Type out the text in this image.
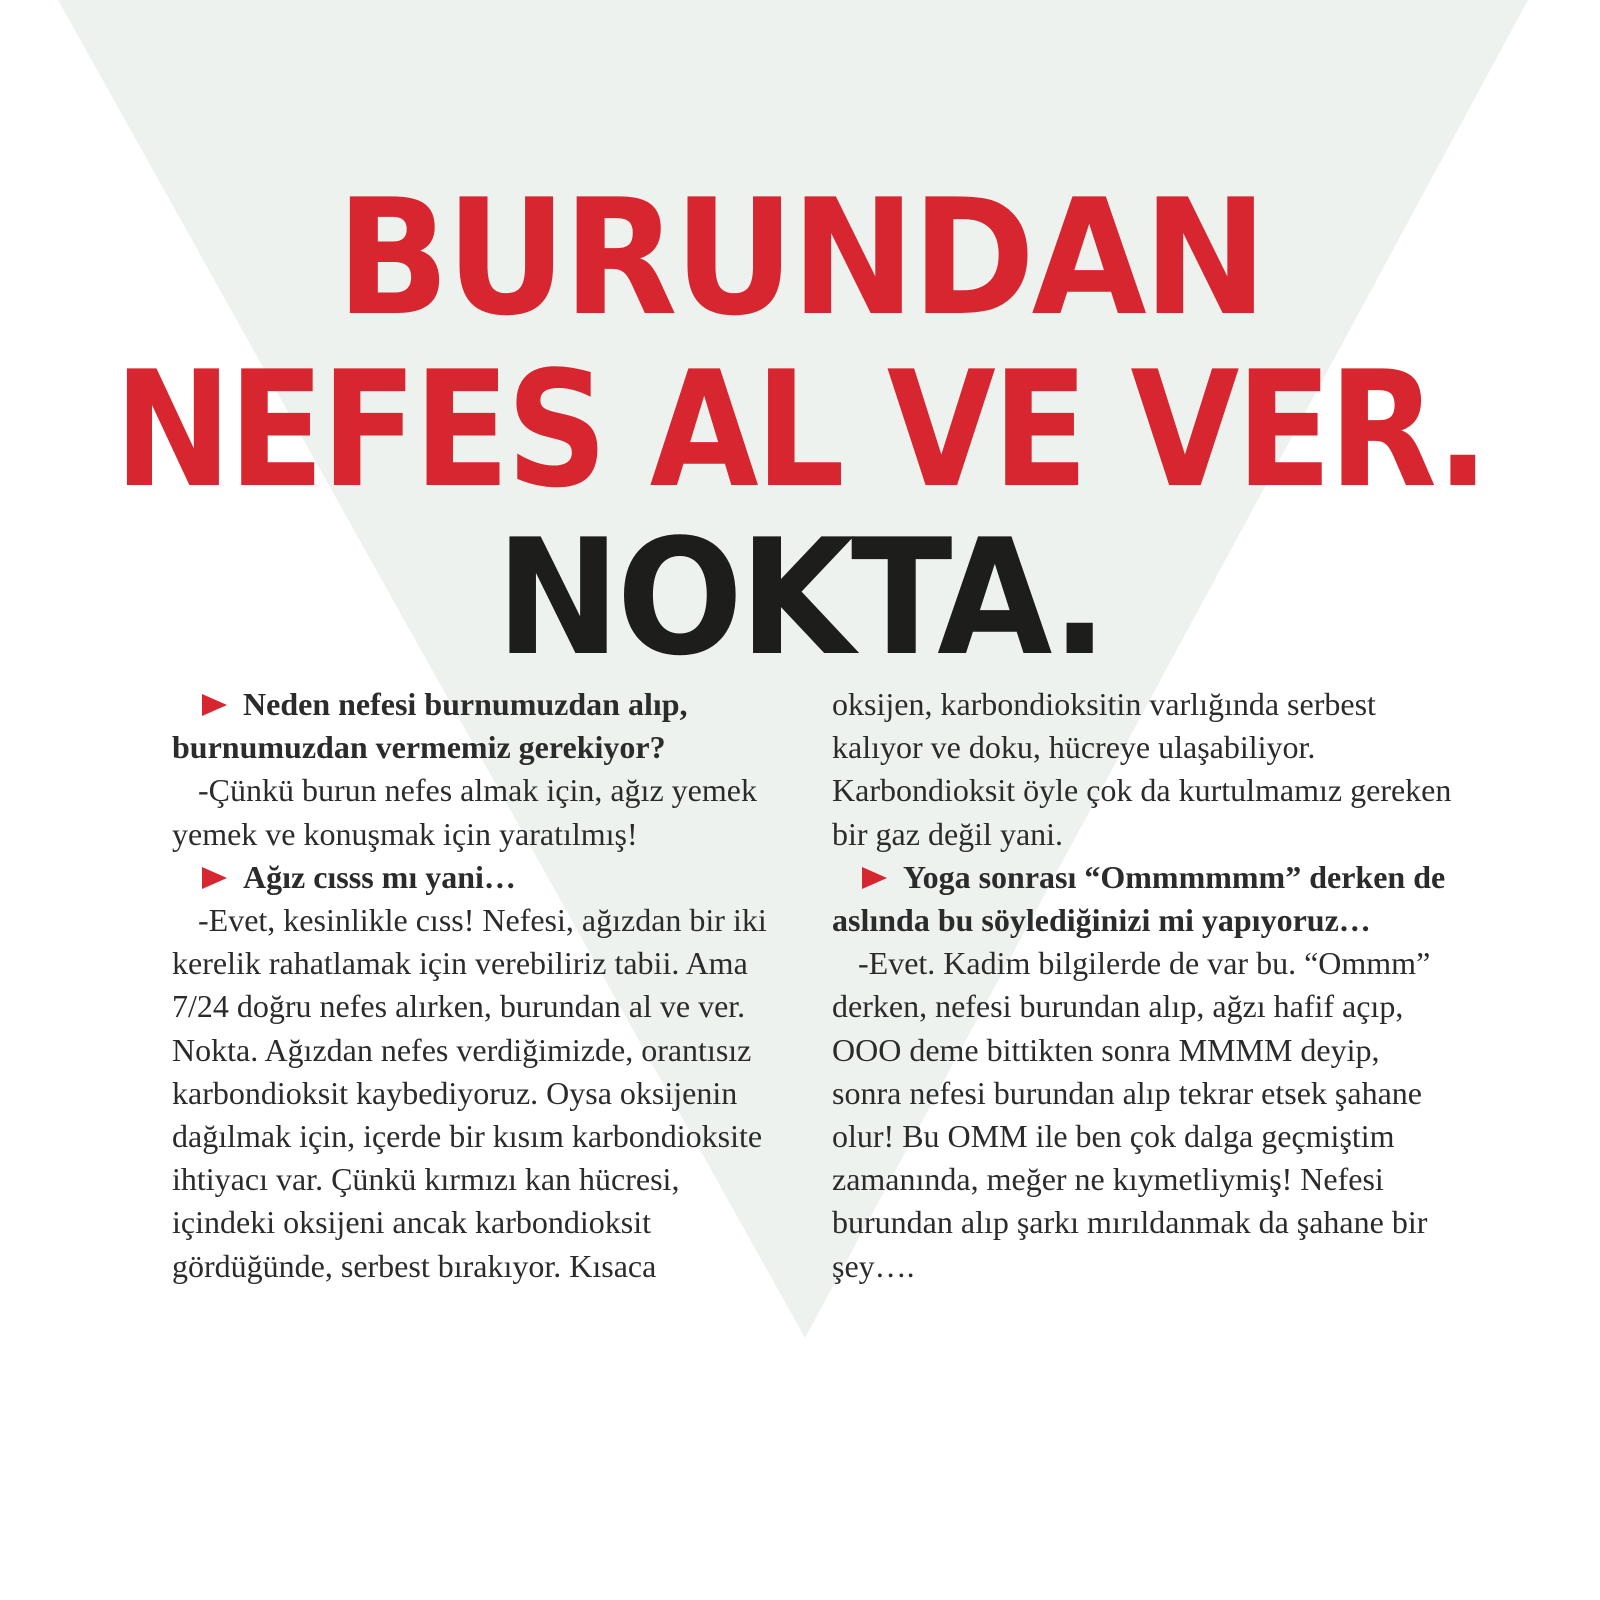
BURUNDAN
NEFES AL VE VER.
NOKTA.

Neden nefesi burnumuzdan alıp, burnumuzdan vermemiz gerekiyor?

-Çünkü burun nefes almak için, ağız yemek yemek ve konuşmak için yaratılmış!

Ağız cısss mı yani…

-Evet, kesinlikle cıss! Nefesi, ağızdan bir iki kerelik rahatlamak için verebiliriz tabii. Ama 7/24 doğru nefes alırken, burundan al ve ver. Nokta. Ağızdan nefes verdiğimizde, orantısız karbondioksit kaybediyoruz. Oysa oksijenin dağılmak için, içerde bir kısım karbondioksite ihtiyacı var. Çünkü kırmızı kan hücresi, içindeki oksijeni ancak karbondioksit gördüğünde, serbest bırakıyor. Kısaca

oksijen, karbondioksitin varlığında serbest kalıyor ve doku, hücreye ulaşabiliyor. Karbondioksit öyle çok da kurtulmamız gereken bir gaz değil yani.

Yoga sonrası “Ommmmmm” derken de aslında bu söylediğinizi mi yapıyoruz…

-Evet. Kadim bilgilerde de var bu. “Ommm” derken, nefesi burundan alıp, ağzı hafif açıp, OOO deme bittikten sonra MMMM deyip, sonra nefesi burundan alıp tekrar etsek şahane olur! Bu OMM ile ben çok dalga geçmiştim zamanında, meğer ne kıymetliymiş! Nefesi burundan alıp şarkı mırıldanmak da şahane bir şey….
